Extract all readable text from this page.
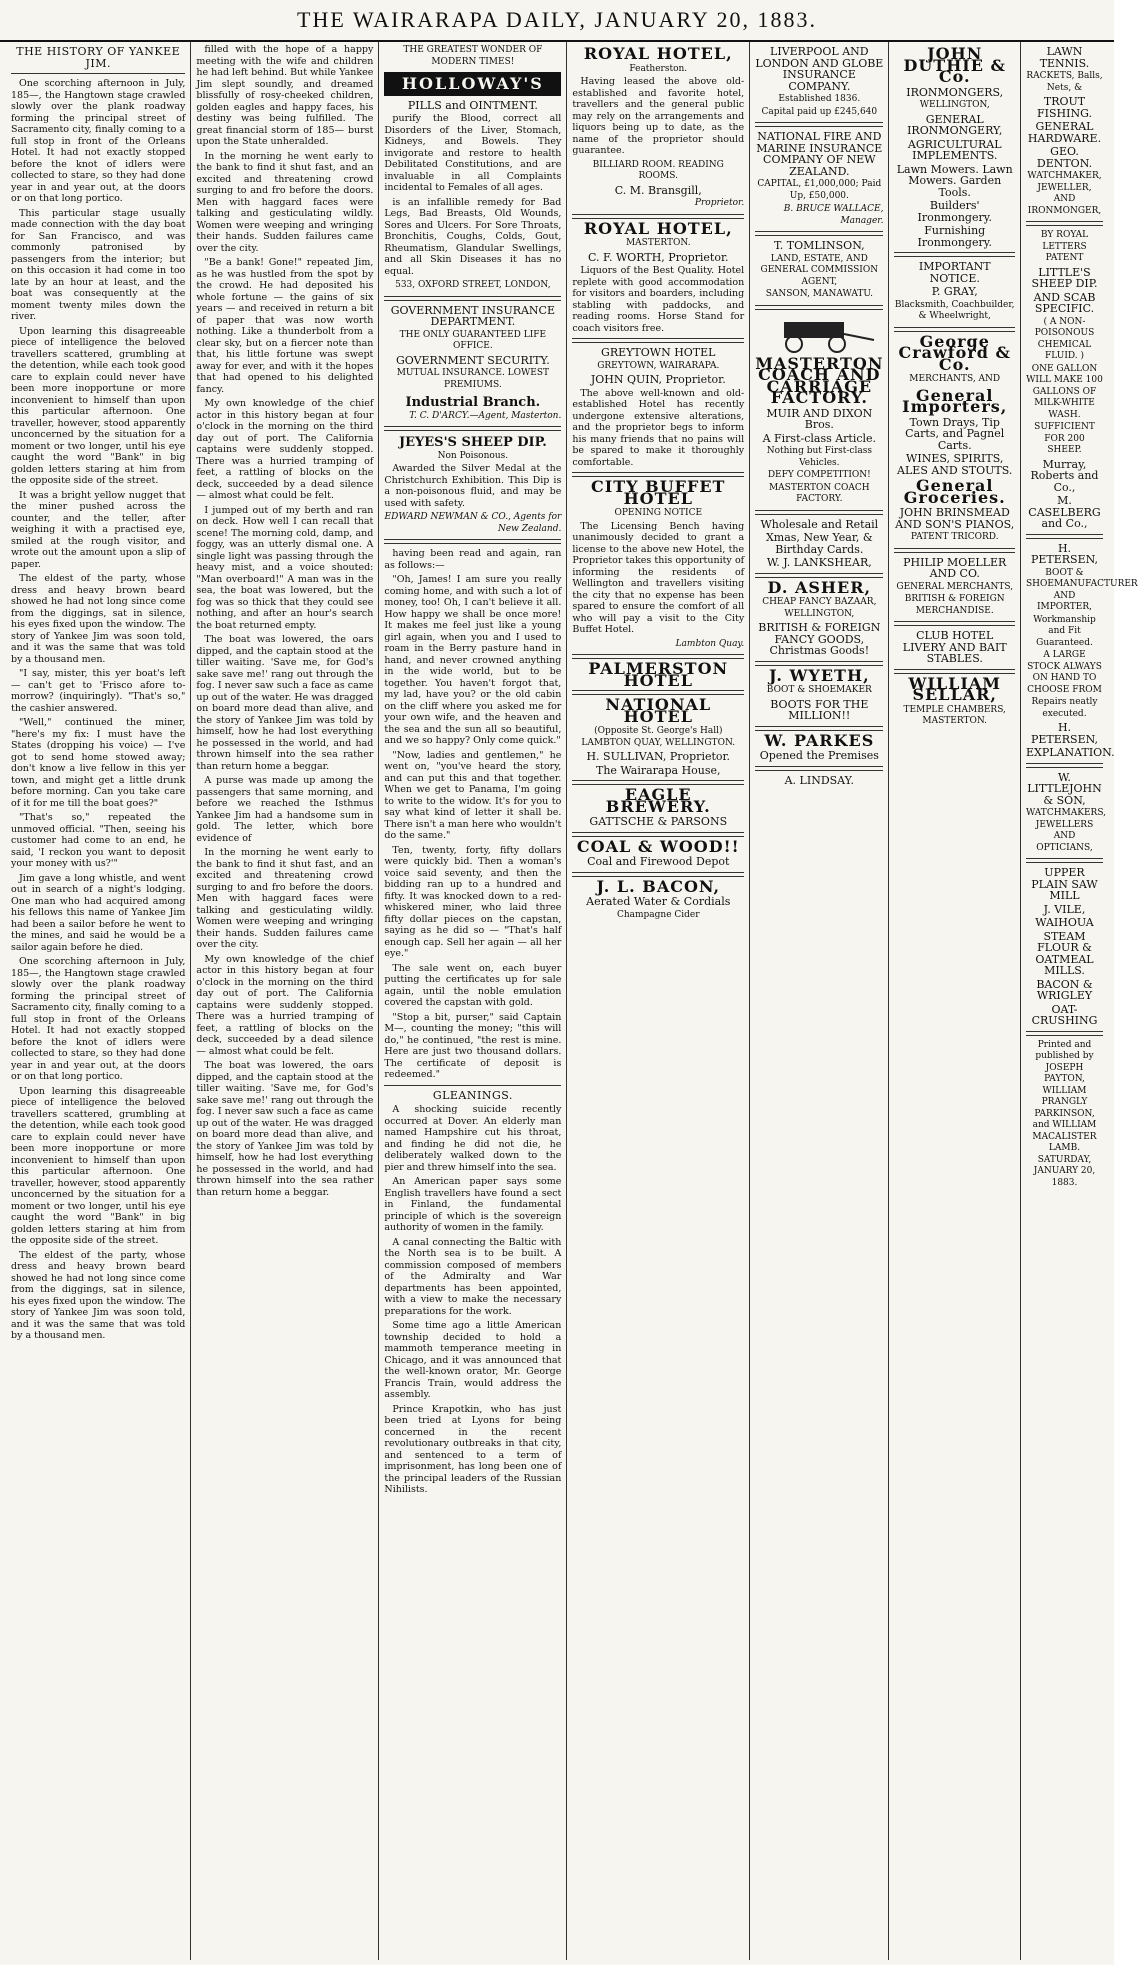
THE WAIRARAPA DAILY, JANUARY 20, 1883.
THE HISTORY OF YANKEE JIM.

One scorching afternoon in July, 185—, the Hangtown stage crawled slowly over the plank roadway forming the principal street of Sacramento city, finally coming to a full stop in front of the Orleans Hotel. It had not exactly stopped before the knot of idlers were collected to stare, so they had done year in and year out, at the doors or on that long portico.

This particular stage usually made connection with the day boat for San Francisco, and was commonly patronised by passengers from the interior; but on this occasion it had come in too late by an hour at least, and the boat was consequently at the moment twenty miles down the river.

Upon learning this disagreeable piece of intelligence the beloved travellers scattered, grumbling at the detention, while each took good care to explain could never have been more inopportune or more inconvenient to himself than upon this particular afternoon. One traveller, however, stood apparently unconcerned by the situation for a moment or two longer, until his eye caught the word "Bank" in big golden letters staring at him from the opposite side of the street.

It was a bright yellow nugget that the miner pushed across the counter, and the teller, after weighing it with a practised eye, smiled at the rough visitor, and wrote out the amount upon a slip of paper.

The eldest of the party, whose dress and heavy brown beard showed he had not long since come from the diggings, sat in silence, his eyes fixed upon the window. The story of Yankee Jim was soon told, and it was the same that was told by a thousand men.

"I say, mister, this yer boat's left — can't get to 'Frisco afore to-morrow? (inquiringly). "That's so," the cashier answered.

"Well," continued the miner, "here's my fix: I must have the States (dropping his voice) — I've got to send home stowed away; don't know a live fellow in this yer town, and might get a little drunk before morning. Can you take care of it for me till the boat goes?"

"That's so," repeated the unmoved official. "Then, seeing his customer had come to an end, he said, 'I reckon you want to deposit your money with us?'"

Jim gave a long whistle, and went out in search of a night's lodging. One man who had acquired among his fellows this name of Yankee Jim had been a sailor before he went to the mines, and said he would be a sailor again before he died.

One scorching afternoon in July, 185—, the Hangtown stage crawled slowly over the plank roadway forming the principal street of Sacramento city, finally coming to a full stop in front of the Orleans Hotel. It had not exactly stopped before the knot of idlers were collected to stare, so they had done year in and year out, at the doors or on that long portico.

Upon learning this disagreeable piece of intelligence the beloved travellers scattered, grumbling at the detention, while each took good care to explain could never have been more inopportune or more inconvenient to himself than upon this particular afternoon. One traveller, however, stood apparently unconcerned by the situation for a moment or two longer, until his eye caught the word "Bank" in big golden letters staring at him from the opposite side of the street.

The eldest of the party, whose dress and heavy brown beard showed he had not long since come from the diggings, sat in silence, his eyes fixed upon the window. The story of Yankee Jim was soon told, and it was the same that was told by a thousand men.

filled with the hope of a happy meeting with the wife and children he had left behind. But while Yankee Jim slept soundly, and dreamed blissfully of rosy-cheeked children, golden eagles and happy faces, his destiny was being fulfilled. The great financial storm of 185— burst upon the State unheralded.

In the morning he went early to the bank to find it shut fast, and an excited and threatening crowd surging to and fro before the doors. Men with haggard faces were talking and gesticulating wildly. Women were weeping and wringing their hands. Sudden failures came over the city.

"Be a bank! Gone!" repeated Jim, as he was hustled from the spot by the crowd. He had deposited his whole fortune — the gains of six years — and received in return a bit of paper that was now worth nothing. Like a thunderbolt from a clear sky, but on a fiercer note than that, his little fortune was swept away for ever, and with it the hopes that had opened to his delighted fancy.

My own knowledge of the chief actor in this history began at four o'clock in the morning on the third day out of port. The California captains were suddenly stopped. There was a hurried tramping of feet, a rattling of blocks on the deck, succeeded by a dead silence — almost what could be felt.

I jumped out of my berth and ran on deck. How well I can recall that scene! The morning cold, damp, and foggy, was an utterly dismal one. A single light was passing through the heavy mist, and a voice shouted: "Man overboard!" A man was in the sea, the boat was lowered, but the fog was so thick that they could see nothing, and after an hour's search the boat returned empty.

The boat was lowered, the oars dipped, and the captain stood at the tiller waiting. 'Save me, for God's sake save me!' rang out through the fog. I never saw such a face as came up out of the water. He was dragged on board more dead than alive, and the story of Yankee Jim was told by himself, how he had lost everything he possessed in the world, and had thrown himself into the sea rather than return home a beggar.

A purse was made up among the passengers that same morning, and before we reached the Isthmus Yankee Jim had a handsome sum in gold. The letter, which bore evidence of

In the morning he went early to the bank to find it shut fast, and an excited and threatening crowd surging to and fro before the doors. Men with haggard faces were talking and gesticulating wildly. Women were weeping and wringing their hands. Sudden failures came over the city.

My own knowledge of the chief actor in this history began at four o'clock in the morning on the third day out of port. The California captains were suddenly stopped. There was a hurried tramping of feet, a rattling of blocks on the deck, succeeded by a dead silence — almost what could be felt.

The boat was lowered, the oars dipped, and the captain stood at the tiller waiting. 'Save me, for God's sake save me!' rang out through the fog. I never saw such a face as came up out of the water. He was dragged on board more dead than alive, and the story of Yankee Jim was told by himself, how he had lost everything he possessed in the world, and had thrown himself into the sea rather than return home a beggar.

THE GREATEST WONDER OF MODERN TIMES!
HOLLOWAY'S
PILLS and OINTMENT.

purify the Blood, correct all Disorders of the Liver, Stomach, Kidneys, and Bowels. They invigorate and restore to health Debilitated Constitutions, and are invaluable in all Complaints incidental to Females of all ages.

is an infallible remedy for Bad Legs, Bad Breasts, Old Wounds, Sores and Ulcers. For Sore Throats, Bronchitis, Coughs, Colds, Gout, Rheumatism, Glandular Swellings, and all Skin Diseases it has no equal.

533, OXFORD STREET, LONDON,
GOVERNMENT INSURANCE DEPARTMENT.
THE ONLY GUARANTEED LIFE OFFICE.
GOVERNMENT SECURITY.
MUTUAL INSURANCE. LOWEST PREMIUMS.
Industrial Branch.
T. C. D'ARCY.—Agent, Masterton.
JEYES'S SHEEP DIP.
Non Poisonous.

Awarded the Silver Medal at the Christchurch Exhibition. This Dip is a non-poisonous fluid, and may be used with safety.

EDWARD NEWMAN & CO., Agents for New Zealand.

having been read and again, ran as follows:—

"Oh, James! I am sure you really coming home, and with such a lot of money, too! Oh, I can't believe it all. How happy we shall be once more! It makes me feel just like a young girl again, when you and I used to roam in the Berry pasture hand in hand, and never crowned anything in the wide world, but to be together. You haven't forgot that, my lad, have you? or the old cabin on the cliff where you asked me for your own wife, and the heaven and the sea and the sun all so beautiful, and we so happy? Only come quick."

"Now, ladies and gentlemen," he went on, "you've heard the story, and can put this and that together. When we get to Panama, I'm going to write to the widow. It's for you to say what kind of letter it shall be. There isn't a man here who wouldn't do the same."

Ten, twenty, forty, fifty dollars were quickly bid. Then a woman's voice said seventy, and then the bidding ran up to a hundred and fifty. It was knocked down to a red-whiskered miner, who laid three fifty dollar pieces on the capstan, saying as he did so — "That's half enough cap. Sell her again — all her eye."

The sale went on, each buyer putting the certificates up for sale again, until the noble emulation covered the capstan with gold.

"Stop a bit, purser," said Captain M—, counting the money; "this will do," he continued, "the rest is mine. Here are just two thousand dollars. The certificate of deposit is redeemed."

GLEANINGS.

A shocking suicide recently occurred at Dover. An elderly man named Hampshire cut his throat, and finding he did not die, he deliberately walked down to the pier and threw himself into the sea.

An American paper says some English travellers have found a sect in Finland, the fundamental principle of which is the sovereign authority of women in the family.

A canal connecting the Baltic with the North sea is to be built. A commission composed of members of the Admiralty and War departments has been appointed, with a view to make the necessary preparations for the work.

Some time ago a little American township decided to hold a mammoth temperance meeting in Chicago, and it was announced that the well-known orator, Mr. George Francis Train, would address the assembly.

Prince Krapotkin, who has just been tried at Lyons for being concerned in the recent revolutionary outbreaks in that city, and sentenced to a term of imprisonment, has long been one of the principal leaders of the Russian Nihilists.

ROYAL HOTEL,
Featherston.

Having leased the above old-established and favorite hotel, travellers and the general public may rely on the arrangements and liquors being up to date, as the name of the proprietor should guarantee.

BILLIARD ROOM. READING ROOMS.
C. M. Bransgill,
Proprietor.
ROYAL HOTEL,
MASTERTON.
C. F. WORTH, Proprietor.

Liquors of the Best Quality. Hotel replete with good accommodation for visitors and boarders, including stabling with paddocks, and reading rooms. Horse Stand for coach visitors free.

GREYTOWN HOTEL
GREYTOWN, WAIRARAPA.
JOHN QUIN, Proprietor.

The above well-known and old-established Hotel has recently undergone extensive alterations, and the proprietor begs to inform his many friends that no pains will be spared to make it thoroughly comfortable.

CITY BUFFET HOTEL
OPENING NOTICE

The Licensing Bench having unanimously decided to grant a license to the above new Hotel, the Proprietor takes this opportunity of informing the residents of Wellington and travellers visiting the city that no expense has been spared to ensure the comfort of all who will pay a visit to the City Buffet Hotel.

Lambton Quay.
PALMERSTON HOTEL
NATIONAL HOTEL
(Opposite St. George's Hall) LAMBTON QUAY, WELLINGTON.
H. SULLIVAN, Proprietor.
The Wairarapa House,
EAGLE BREWERY.
GATTSCHE & PARSONS
COAL & WOOD!!
Coal and Firewood Depot
J. L. BACON,
Aerated Water & Cordials
Champagne Cider
LIVERPOOL AND LONDON AND GLOBE INSURANCE COMPANY.
Established 1836.
Capital paid up £245,640
NATIONAL FIRE AND MARINE INSURANCE COMPANY OF NEW ZEALAND.
CAPITAL, £1,000,000; Paid Up, £50,000.
B. BRUCE WALLACE, Manager.
T. TOMLINSON,
LAND, ESTATE, AND GENERAL COMMISSION AGENT,
SANSON, MANAWATU.
MASTERTON COACH AND CARRIAGE FACTORY.
MUIR AND DIXON Bros.
A First-class Article.
Nothing but First-class Vehicles.
DEFY COMPETITION!
MASTERTON COACH FACTORY.
Wholesale and Retail
Xmas, New Year, & Birthday Cards.
W. J. LANKSHEAR,
D. ASHER,
CHEAP FANCY BAZAAR, WELLINGTON,
BRITISH & FOREIGN FANCY GOODS, Christmas Goods!
J. WYETH,
BOOT & SHOEMAKER
BOOTS FOR THE MILLION!!
W. PARKES
Opened the Premises
A. LINDSAY.
JOHN DUTHIE & Co.
IRONMONGERS,
WELLINGTON,
GENERAL IRONMONGERY,
AGRICULTURAL IMPLEMENTS.
Lawn Mowers. Lawn Mowers. Garden Tools.
Builders' Ironmongery.
Furnishing Ironmongery.
IMPORTANT NOTICE.
P. GRAY,
Blacksmith, Coachbuilder, & Wheelwright,
George Crawford & Co.
MERCHANTS, AND
General Importers,
Town Drays, Tip Carts, and Pagnel Carts.
WINES, SPIRITS, ALES AND STOUTS.
General Groceries.
JOHN BRINSMEAD AND SON'S PIANOS,
PATENT TRICORD.
PHILIP MOELLER AND CO.
GENERAL MERCHANTS,
BRITISH & FOREIGN MERCHANDISE.
CLUB HOTEL LIVERY AND BAIT STABLES.
WILLIAM SELLAR,
TEMPLE CHAMBERS, MASTERTON.
LAWN TENNIS.
RACKETS, Balls, Nets, &
TROUT FISHING.
GENERAL HARDWARE.
GEO. DENTON.
WATCHMAKER, JEWELLER, AND IRONMONGER,
BY ROYAL LETTERS PATENT
LITTLE'S SHEEP DIP.
AND SCAB SPECIFIC.
( A NON-POISONOUS CHEMICAL FLUID. )
ONE GALLON WILL MAKE 100 GALLONS OF MILK-WHITE WASH.
SUFFICIENT FOR 200 SHEEP.
Murray, Roberts and Co.,
M. CASELBERG and Co.,
H. PETERSEN,
BOOT & SHOEMANUFACTURER AND IMPORTER,
Workmanship and Fit Guaranteed.
A LARGE STOCK ALWAYS ON HAND TO CHOOSE FROM
Repairs neatly executed.
H. PETERSEN,
EXPLANATION.
W. LITTLEJOHN & SON,
WATCHMAKERS, JEWELLERS AND OPTICIANS,
UPPER PLAIN SAW MILL
J. VILE,
WAIHOUA
STEAM FLOUR & OATMEAL MILLS.
BACON & WRIGLEY
OAT-CRUSHING
Printed and published by JOSEPH PAYTON, WILLIAM PRANGLY PARKINSON, and WILLIAM MACALISTER LAMB. SATURDAY, JANUARY 20, 1883.
